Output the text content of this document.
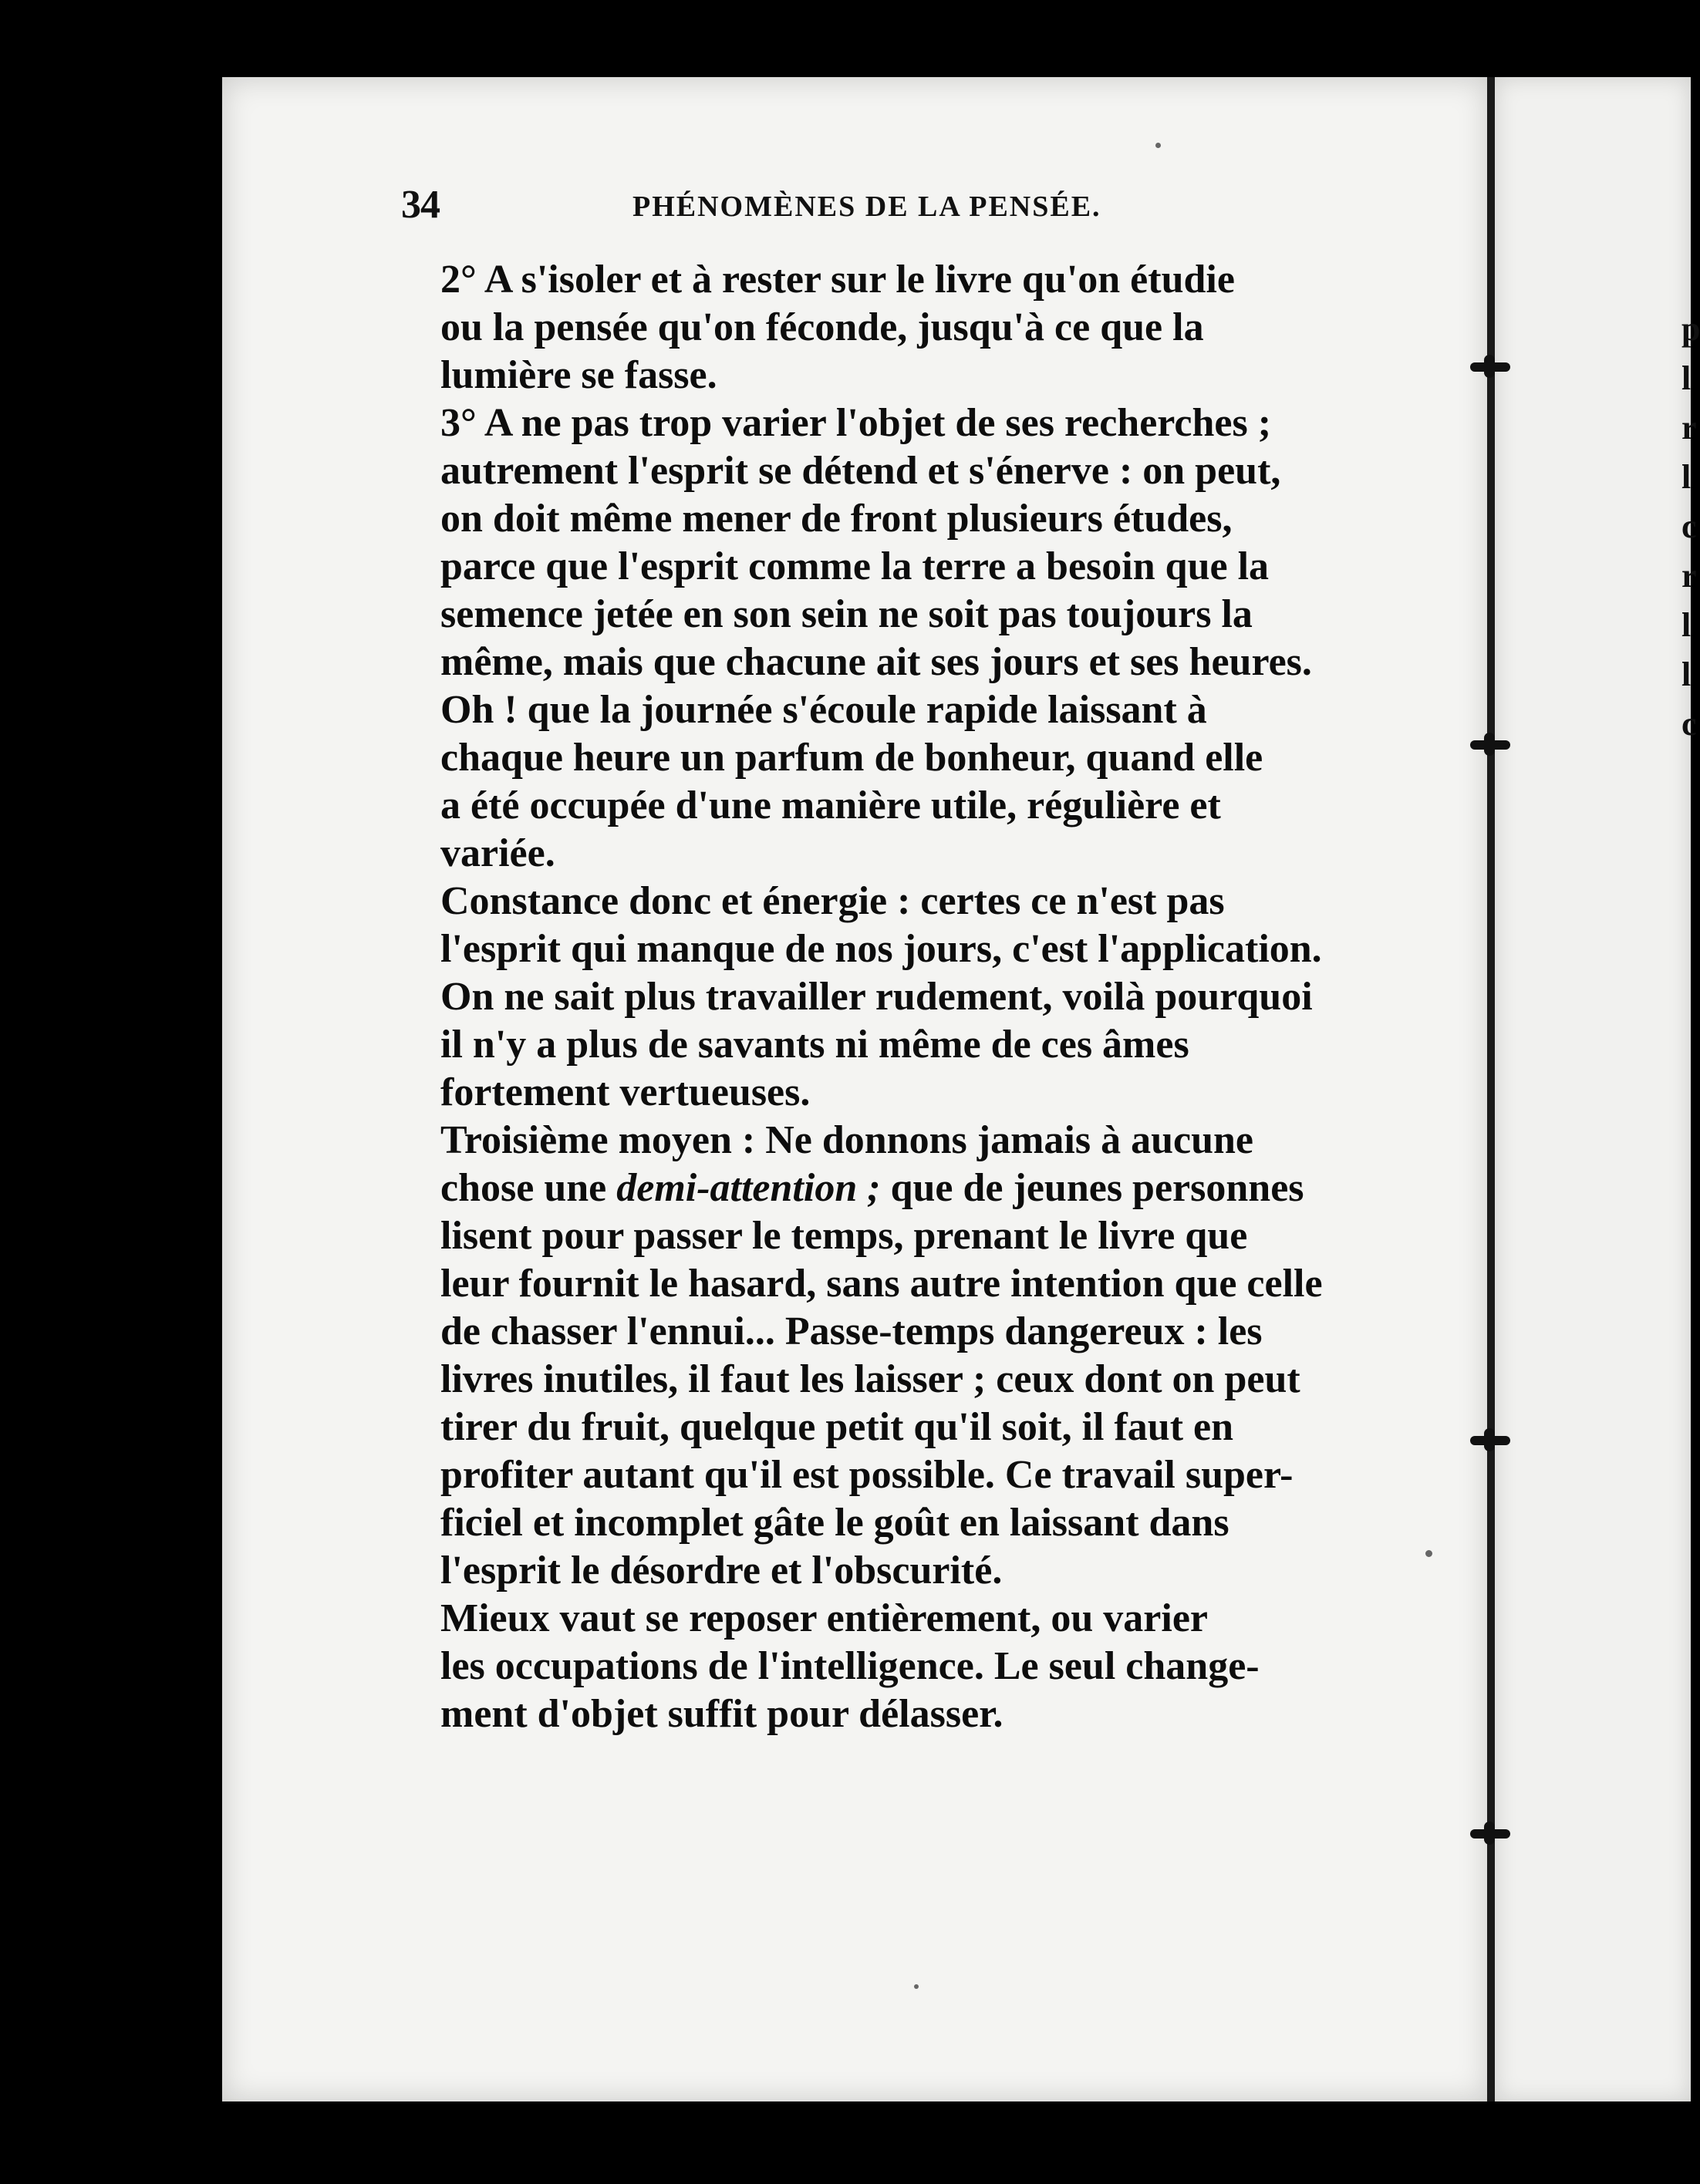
34	PHÉNOMÈNES DE LA PENSÉE.

2° A s'isoler et à rester sur le livre qu'on étudie
ou la pensée qu'on féconde, jusqu'à ce que la
lumière se fasse.

3° A ne pas trop varier l'objet de ses recherches ;
autrement l'esprit se détend et s'énerve : on peut,
on doit même mener de front plusieurs études,
parce que l'esprit comme la terre a besoin que la
semence jetée en son sein ne soit pas toujours la
même, mais que chacune ait ses jours et ses heures.
Oh ! que la journée s'écoule rapide laissant à
chaque heure un parfum de bonheur, quand elle
a été occupée d'une manière utile, régulière et
variée.

Constance donc et énergie : certes ce n'est pas
l'esprit qui manque de nos jours, c'est l'application.
On ne sait plus travailler rudement, voilà pourquoi
il n'y a plus de savants ni même de ces âmes
fortement vertueuses.

Troisième moyen : Ne donnons jamais à aucune
chose une demi-attention ; que de jeunes personnes
lisent pour passer le temps, prenant le livre que
leur fournit le hasard, sans autre intention que celle
de chasser l'ennui... Passe-temps dangereux : les
livres inutiles, il faut les laisser ; ceux dont on peut
tirer du fruit, quelque petit qu'il soit, il faut en
profiter autant qu'il est possible. Ce travail super-
ficiel et incomplet gâte le goût en laissant dans
l'esprit le désordre et l'obscurité.

Mieux vaut se reposer entièrement, ou varier
les occupations de l'intelligence. Le seul change-
ment d'objet suffit pour délasser.

p
l
r
l
c
r
l
l
c
